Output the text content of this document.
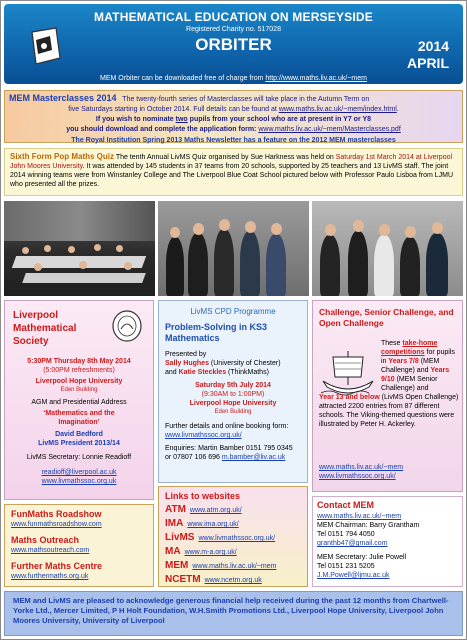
MATHEMATICAL EDUCATION ON MERSEYSIDE
Registered Charity no. 517028
ORBITER	2014
APRIL
MEM Orbiter can be downloaded free of charge from http://www.maths.liv.ac.uk/~mem
MEM Masterclasses 2014 The twenty-fourth series of Masterclasses will take place in the Autumn Term on
five Saturdays starting in October 2014. Full details can be found at www.maths.liv.ac.uk/~mem/index.html.
If you wish to nominate two pupils from your school who are at present in Y7 or Y8
you should download and complete the application form: www.maths.liv.ac.uk/~mem/Masterclasses.pdf
The Royal Institution Spring 2013 Maths Newsletter has a feature on the 2012 MEM masterclasses
Sixth Form Pop Maths Quiz The tenth Annual LivMS Quiz organised by Sue Harkness was held on Saturday 1st March 2014 at Liverpool John Moores University. It was attended by 145 students in 37 teams from 20 schools, supported by 25 teachers and 13 LivMS staff. The joint 2014 winning teams were from Winstanley College and The Liverpool Blue Coat School pictured below with Professor Paulo Lisboa from LJMU who presented all the prizes.
Liverpool
Mathematical
Society
5:30PM Thursday 8th May 2014
(5:00PM refreshments)
Liverpool Hope University
Eden Building
AGM and Presidential Address
‘Mathematics and the
Imagination’
David Bedford
LivMS President 2013/14
LivMS Secretary: Lonnie Readioff
readioff@liverpool.ac.uk
www.livmathssoc.org.uk
LivMS CPD Programme
Problem-Solving in KS3
Mathematics
Presented by
Sally Hughes (University of Chester)
and Katie Steckles (ThinkMaths)
Saturday 5th July 2014
(9:30AM to 1:00PM)
Liverpool Hope University
Eden Building
Further details and online booking form:
www.livmathssoc.org.uk/
Enquiries: Martin Bamber 0151 795 0345
or 07807 106 696 m.bamber@liv.ac.uk
Challenge, Senior Challenge, and Open Challenge
These take-home competitions for pupils in Years 7/8 (MEM Challenge) and Years 9/10 (MEM Senior Challenge) and
Year 13 and below (LivMS Open Challenge) attracted 2200 entries from 87 different schools. The Viking-themed questions were illustrated by Peter H. Ackerley.
www.maths.liv.ac.uk/~mem
www.livmathssoc.org.uk/
FunMaths Roadshow
www.funmathsroadshow.com
Maths Outreach
www.mathsoutreach.com
Further Maths Centre
www.furthermaths.org.uk
Links to websites
ATM www.atm.org.uk/
IMA www.ima.org.uk/
LivMS www.livmathssoc.org.uk/
MA www.m-a.org.uk/
MEM www.maths.liv.ac.uk/~mem
NCETM www.ncetm.org.uk
Contact MEM
www.maths.liv.ac.uk/~mem
MEM Chairman: Barry Grantham
Tel 0151 794 4050
granthb47@gmail.com
MEM Secretary: Julie Powell
Tel 0151 231 5205
J.M.Powell@ljmu.ac.uk
MEM and LivMS are pleased to acknowledge generous financial help received during the past 12 months from Chartwell-Yorke Ltd., Mercer Limited, P H Holt Foundation, W.H.Smith Promotions Ltd., Liverpool Hope University, Liverpool John Moores University, University of Liverpool
